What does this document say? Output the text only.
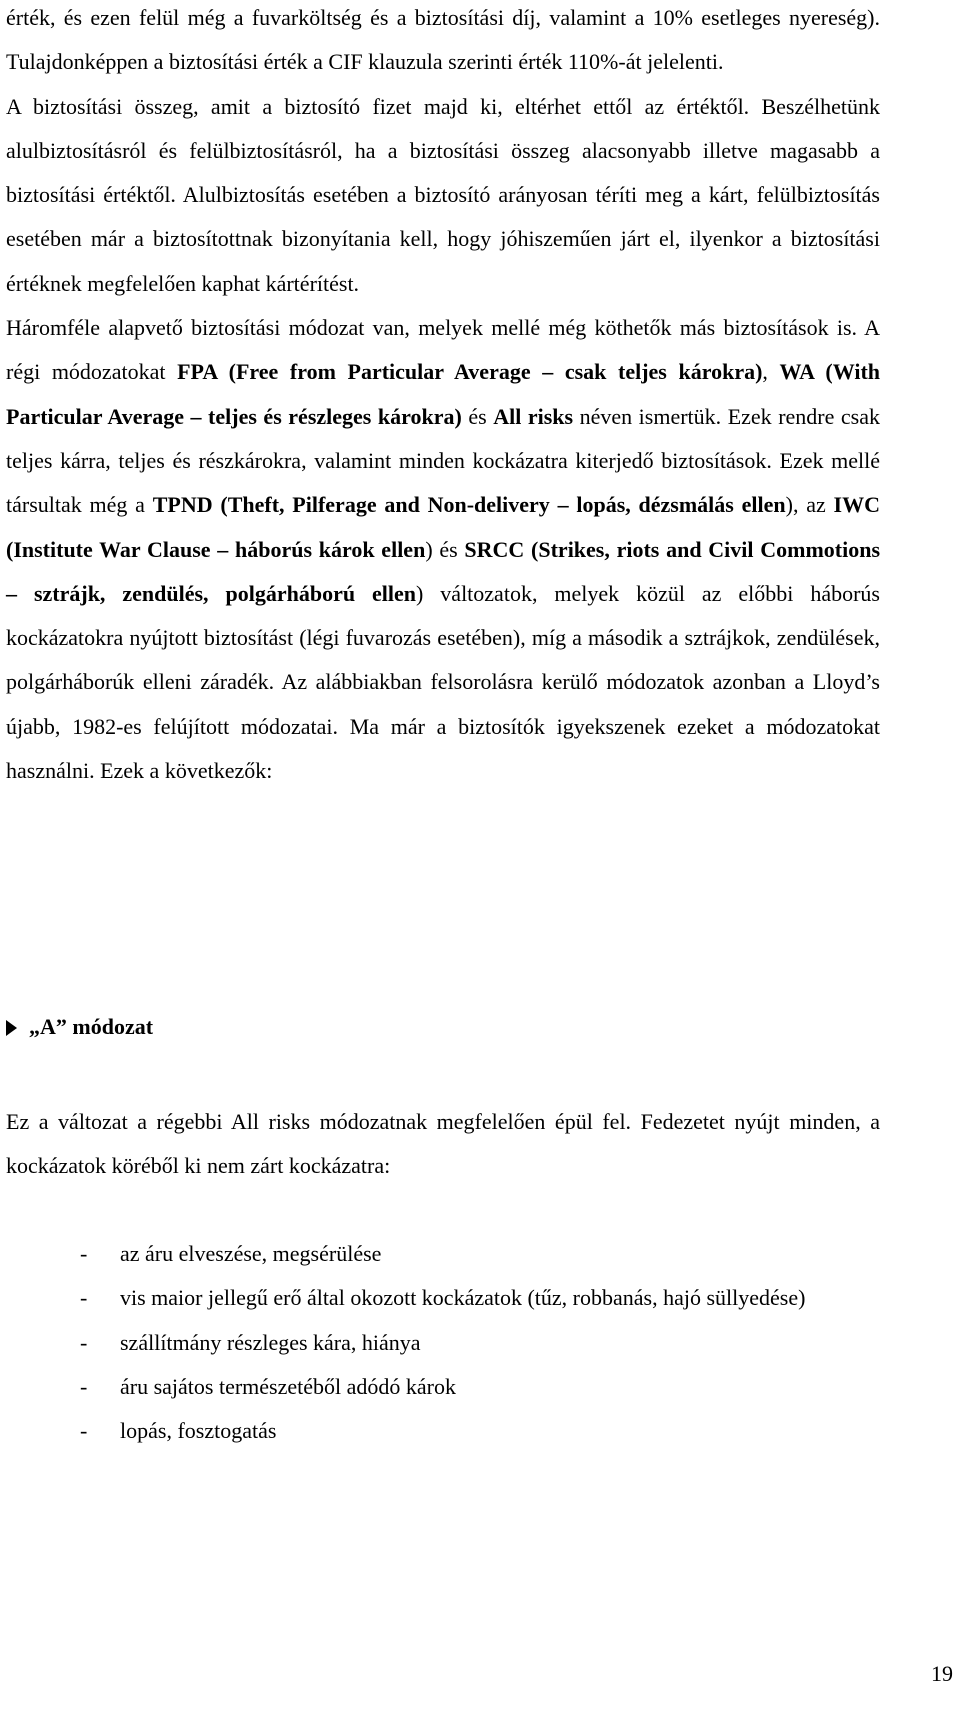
érték, és ezen felül még a fuvarköltség és a biztosítási díj, valamint a 10% esetleges nyereség). Tulajdonképpen a biztosítási érték a CIF klauzula szerinti érték 110%-át jelelenti.

A biztosítási összeg, amit a biztosító fizet majd ki, eltérhet ettől az értéktől. Beszélhetünk alulbiztosításról és felülbiztosításról, ha a biztosítási összeg alacsonyabb illetve magasabb a biztosítási értéktől. Alulbiztosítás esetében a biztosító arányosan téríti meg a kárt, felülbiztosítás esetében már a biztosítottnak bizonyítania kell, hogy jóhiszeműen járt el, ilyenkor a biztosítási értéknek megfelelően kaphat kártérítést.

Háromféle alapvető biztosítási módozat van, melyek mellé még köthetők más biztosítások is. A régi módozatokat FPA (Free from Particular Average – csak teljes károkra), WA (With Particular Average – teljes és részleges károkra) és All risks néven ismertük. Ezek rendre csak teljes kárra, teljes és részkárokra, valamint minden kockázatra kiterjedő biztosítások. Ezek mellé társultak még a TPND (Theft, Pilferage and Non-delivery – lopás, dézsmálás ellen), az IWC (Institute War Clause – háborús károk ellen) és SRCC (Strikes, riots and Civil Commotions – sztrájk, zendülés, polgárháború ellen) változatok, melyek közül az előbbi háborús kockázatokra nyújtott biztosítást (légi fuvarozás esetében), míg a második a sztrájkok, zendülések, polgárháborúk elleni záradék. Az alábbiakban felsorolásra kerülő módozatok azonban a Lloyd’s újabb, 1982-es felújított módozatai. Ma már a biztosítók igyekszenek ezeket a módozatokat használni. Ezek a következők:

„A” módozat

Ez a változat a régebbi All risks módozatnak megfelelően épül fel. Fedezetet nyújt minden, a kockázatok köréből ki nem zárt kockázatra:

- az áru elveszése, megsérülése
- vis maior jellegű erő által okozott kockázatok (tűz, robbanás, hajó süllyedése)
- szállítmány részleges kára, hiánya
- áru sajátos természetéből adódó károk
- lopás, fosztogatás
19
